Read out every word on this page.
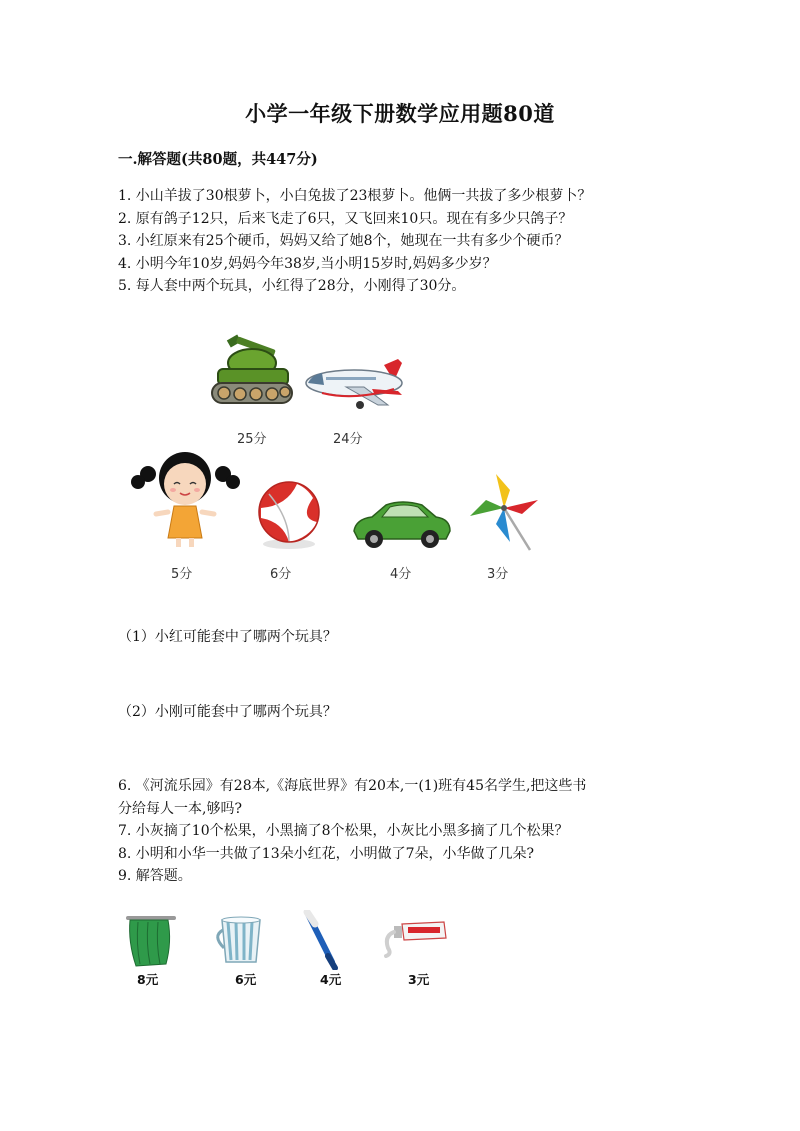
小学一年级下册数学应用题80道
一.解答题(共80题，共447分)
1. 小山羊拔了30根萝卜，小白兔拔了23根萝卜。他俩一共拔了多少根萝卜？
2. 原有鸽子12只，后来飞走了6只，又飞回来10只。现在有多少只鸽子？
3. 小红原来有25个硬币，妈妈又给了她8个，她现在一共有多少个硬币？
4. 小明今年10岁,妈妈今年38岁,当小明15岁时,妈妈多少岁？
5. 每人套中两个玩具，小红得了28分，小刚得了30分。
25分	24分
5分	6分	4分	3分
（1）小红可能套中了哪两个玩具？
（2）小刚可能套中了哪两个玩具？
6. 《河流乐园》有28本,《海底世界》有20本,一(1)班有45名学生,把这些书
分给每人一本,够吗?
7. 小灰摘了10个松果，小黑摘了8个松果，小灰比小黑多摘了几个松果？
8. 小明和小华一共做了13朵小红花，小明做了7朵，小华做了几朵?
9. 解答题。
8元	6元	4元	3元
